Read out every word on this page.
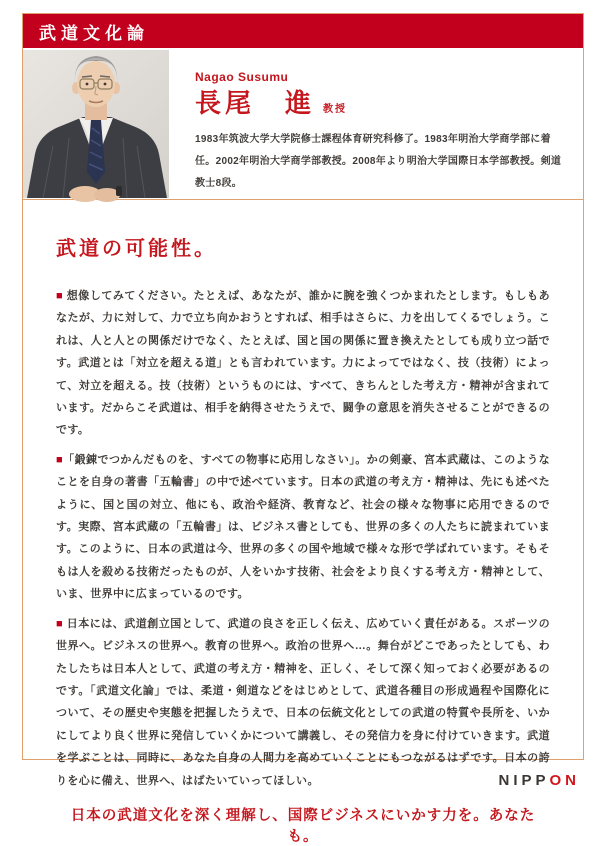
武道文化論
Nagao Susumu
長尾　進 教授
1983年筑波大学大学院修士課程体育研究科修了。1983年明治大学商学部に着任。2002年明治大学商学部教授。2008年より明治大学国際日本学部教授。剣道教士8段。
武道の可能性。

■ 想像してみてください。たとえば、あなたが、誰かに腕を強くつかまれたとします。もしもあなたが、力に対して、力で立ち向かおうとすれば、相手はさらに、力を出してくるでしょう。これは、人と人との関係だけでなく、たとえば、国と国の関係に置き換えたとしても成り立つ話です。武道とは「対立を超える道」とも言われています。力によってではなく、技（技術）によって、対立を超える。技（技術）というものには、すべて、きちんとした考え方・精神が含まれています。だからこそ武道は、相手を納得させたうえで、闘争の意思を消失させることができるのです。

■「鍛錬でつかんだものを、すべての物事に応用しなさい」。かの剣豪、宮本武蔵は、このようなことを自身の著書「五輪書」の中で述べています。日本の武道の考え方・精神は、先にも述べたように、国と国の対立、他にも、政治や経済、教育など、社会の様々な物事に応用できるのです。実際、宮本武蔵の「五輪書」は、ビジネス書としても、世界の多くの人たちに読まれています。このように、日本の武道は今、世界の多くの国や地域で様々な形で学ばれています。そもそもは人を殺める技術だったものが、人をいかす技術、社会をより良くする考え方・精神として、いま、世界中に広まっているのです。

■ 日本には、武道創立国として、武道の良さを正しく伝え、広めていく責任がある。スポーツの世界へ。ビジネスの世界へ。教育の世界へ。政治の世界へ…。舞台がどこであったとしても、わたしたちは日本人として、武道の考え方・精神を、正しく、そして深く知っておく必要があるのです。「武道文化論」では、柔道・剣道などをはじめとして、武道各種目の形成過程や国際化について、その歴史や実態を把握したうえで、日本の伝統文化としての武道の特質や長所を、いかにしてより良く世界に発信していくかについて講義し、その発信力を身に付けていきます。武道を学ぶことは、同時に、あなた自身の人間力を高めていくことにもつながるはずです。日本の誇りを心に備え、世界へ、はばたいていってほしい。

日本の武道文化を深く理解し、国際ビジネスにいかす力を。あなたも。
NIPPON
